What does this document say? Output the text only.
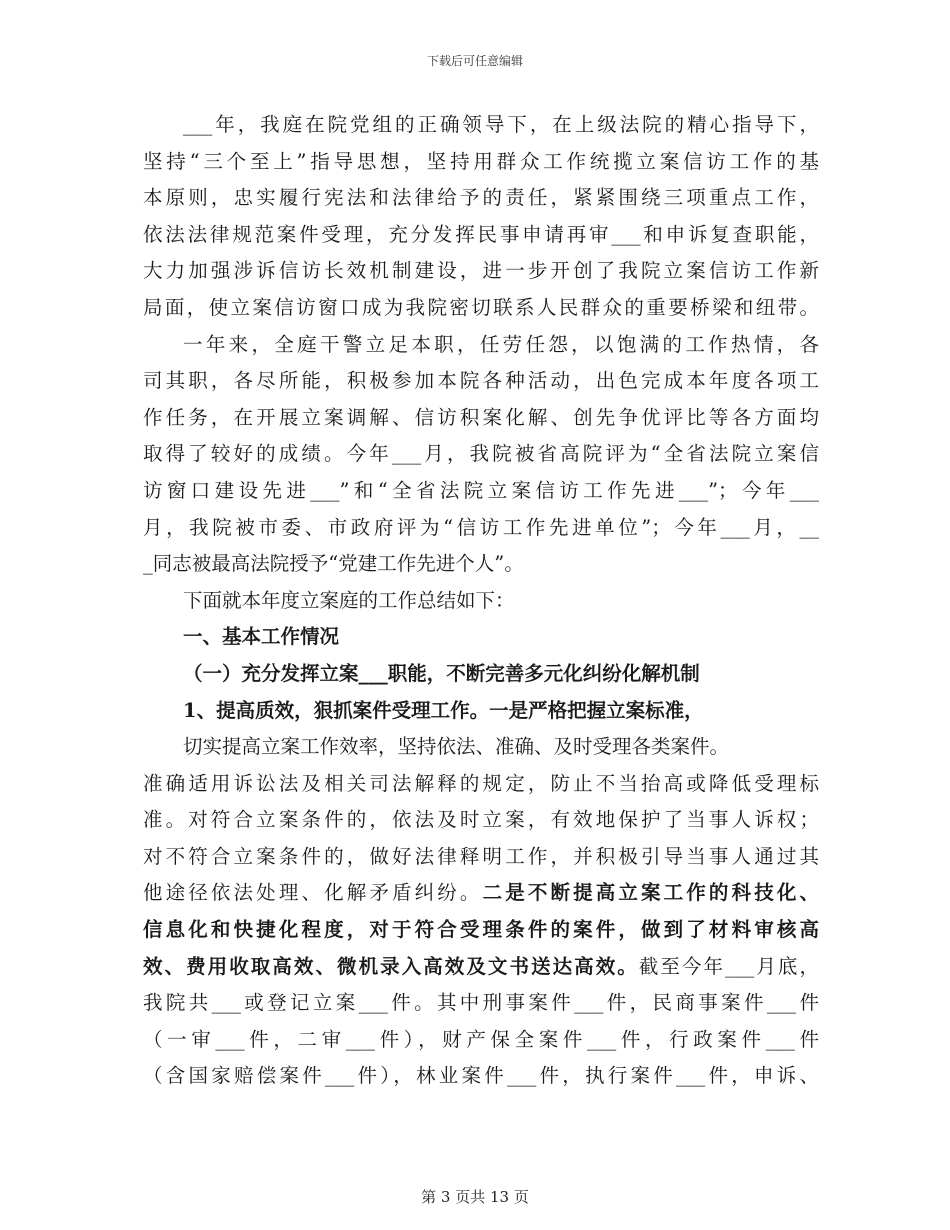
下载后可任意编辑
___年，我庭在院党组的正确领导下，在上级法院的精心指导下，
坚持“三个至上”指导思想，坚持用群众工作统揽立案信访工作的基
本原则，忠实履行宪法和法律给予的责任，紧紧围绕三项重点工作，
依法法律规范案件受理，充分发挥民事申请再审___和申诉复查职能，
大力加强涉诉信访长效机制建设，进一步开创了我院立案信访工作新
局面，使立案信访窗口成为我院密切联系人民群众的重要桥梁和纽带。
一年来，全庭干警立足本职，任劳任怨，以饱满的工作热情，各
司其职，各尽所能，积极参加本院各种活动，出色完成本年度各项工
作任务，在开展立案调解、信访积案化解、创先争优评比等各方面均
取得了较好的成绩。今年___月，我院被省高院评为“全省法院立案信
访窗口建设先进___”和“全省法院立案信访工作先进___”；今年___
月，我院被市委、市政府评为“信访工作先进单位”；今年___月，__
_同志被最高法院授予“党建工作先进个人”。
下面就本年度立案庭的工作总结如下：
一、基本工作情况
（一）充分发挥立案___职能，不断完善多元化纠纷化解机制
1、提高质效，狠抓案件受理工作。一是严格把握立案标准，
切实提高立案工作效率，坚持依法、准确、及时受理各类案件。
准确适用诉讼法及相关司法解释的规定，防止不当抬高或降低受理标
准。对符合立案条件的，依法及时立案，有效地保护了当事人诉权；
对不符合立案条件的，做好法律释明工作，并积极引导当事人通过其
他途径依法处理、化解矛盾纠纷。二是不断提高立案工作的科技化、
信息化和快捷化程度，对于符合受理条件的案件，做到了材料审核高
效、费用收取高效、微机录入高效及文书送达高效。截至今年___月底，
我院共___或登记立案___件。其中刑事案件___件，民商事案件___件
（一审___件，二审___件），财产保全案件___件，行政案件___件
（含国家赔偿案件___件），林业案件___件，执行案件___件，申诉、
第 3 页共 13 页
